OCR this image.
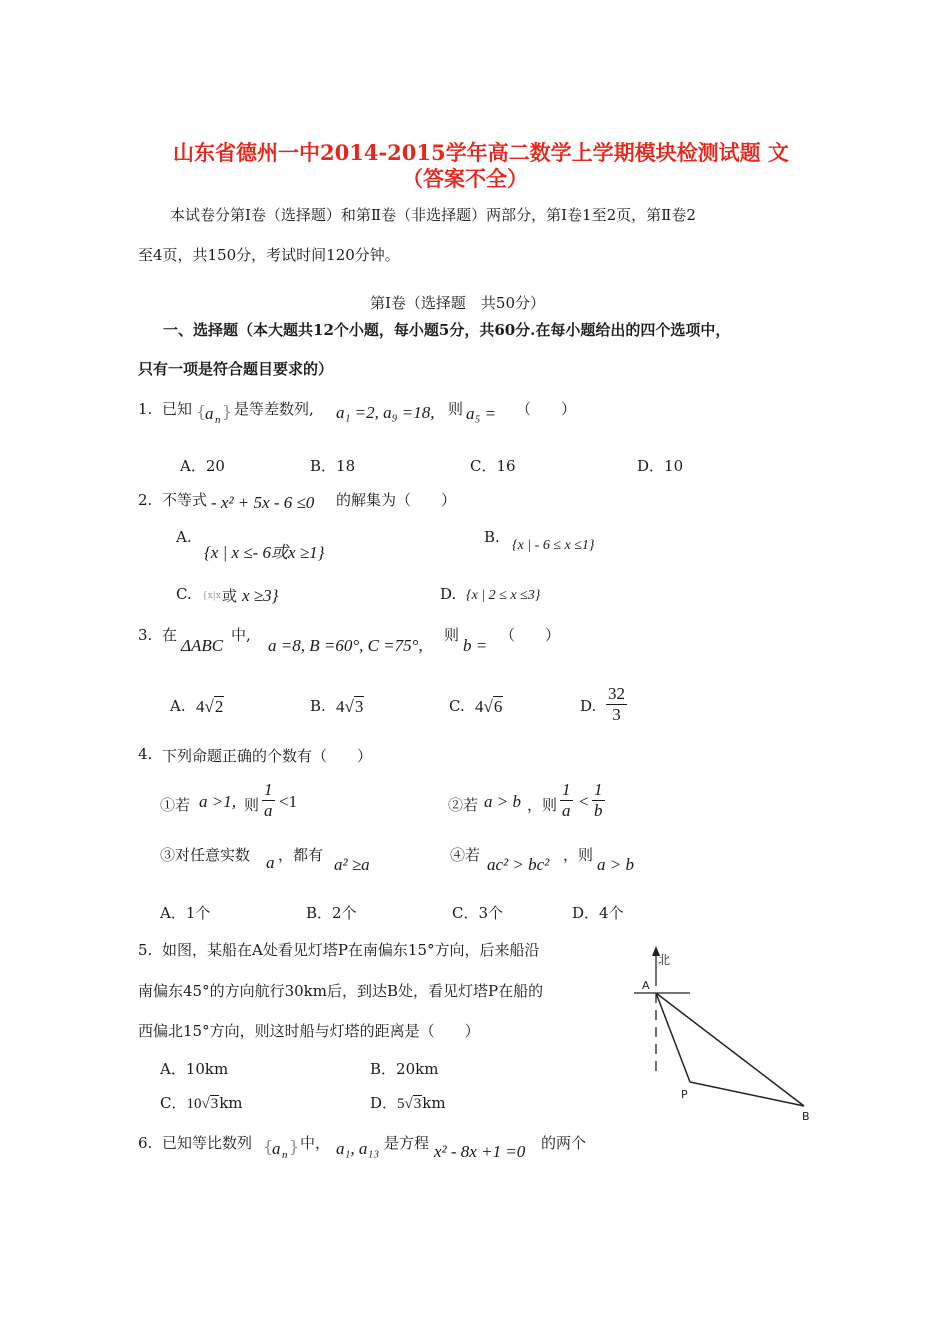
山东省德州一中2014-2015学年高二数学上学期模块检测试题 文
（答案不全）
本试卷分第Ⅰ卷（选择题）和第Ⅱ卷（非选择题）两部分，第Ⅰ卷1至2页，第Ⅱ卷2
至4页，共150分，考试时间120分钟。
第Ⅰ卷（选择题　共50分）
一、选择题（本大题共12个小题，每小题5分，共60分.在每小题给出的四个选项中，
只有一项是符合题目要求的）
1. 已知 {
a n } 是等差数列, a₁ =2, a₉ =18, 则 a₅ = （　　）
A．20	B．18	C．16	D．10
2. 不等式 - x² + 5x - 6 ≤0 的解集为（　　）
A.
{x | x ≤- 6或x ≥1}
B. {x | - 6 ≤ x ≤1}
C. {x|x 或 x ≥3}	D. {x | 2 ≤ x ≤3}
3. 在
ΔABC
中,
a =8, B =60°, C =75°,
则
b =
（　　）
A. 4√2	B. 4√3	C. 4√6	D. $\frac{32}{3}$
4. 下列命题正确的个数有（　　）
①若 a >1, 则 $\frac{1}{a} <1$	②若 a > b ，则 $\frac{1}{a} < \frac{1}{b}$
③对任意实数 a ，都有 a² ≥a	④若 ac² > bc² ，则 a > b
A．1个	B．2个	C．3个	D．4个
5. 如图，某船在A处看见灯塔P在南偏东15°方向，后来船沿
南偏东45°的方向航行30km后，到达B处，看见灯塔P在船的
西偏北15°方向，则这时船与灯塔的距离是（　　）
A．10km	B．20km
C．10√3km	D．5√3km
北
A
P
B
6. 已知等比数列 {
a n } 中， a₁, a₁₃ 是方程 x² - 8x +1 =0 的两个
